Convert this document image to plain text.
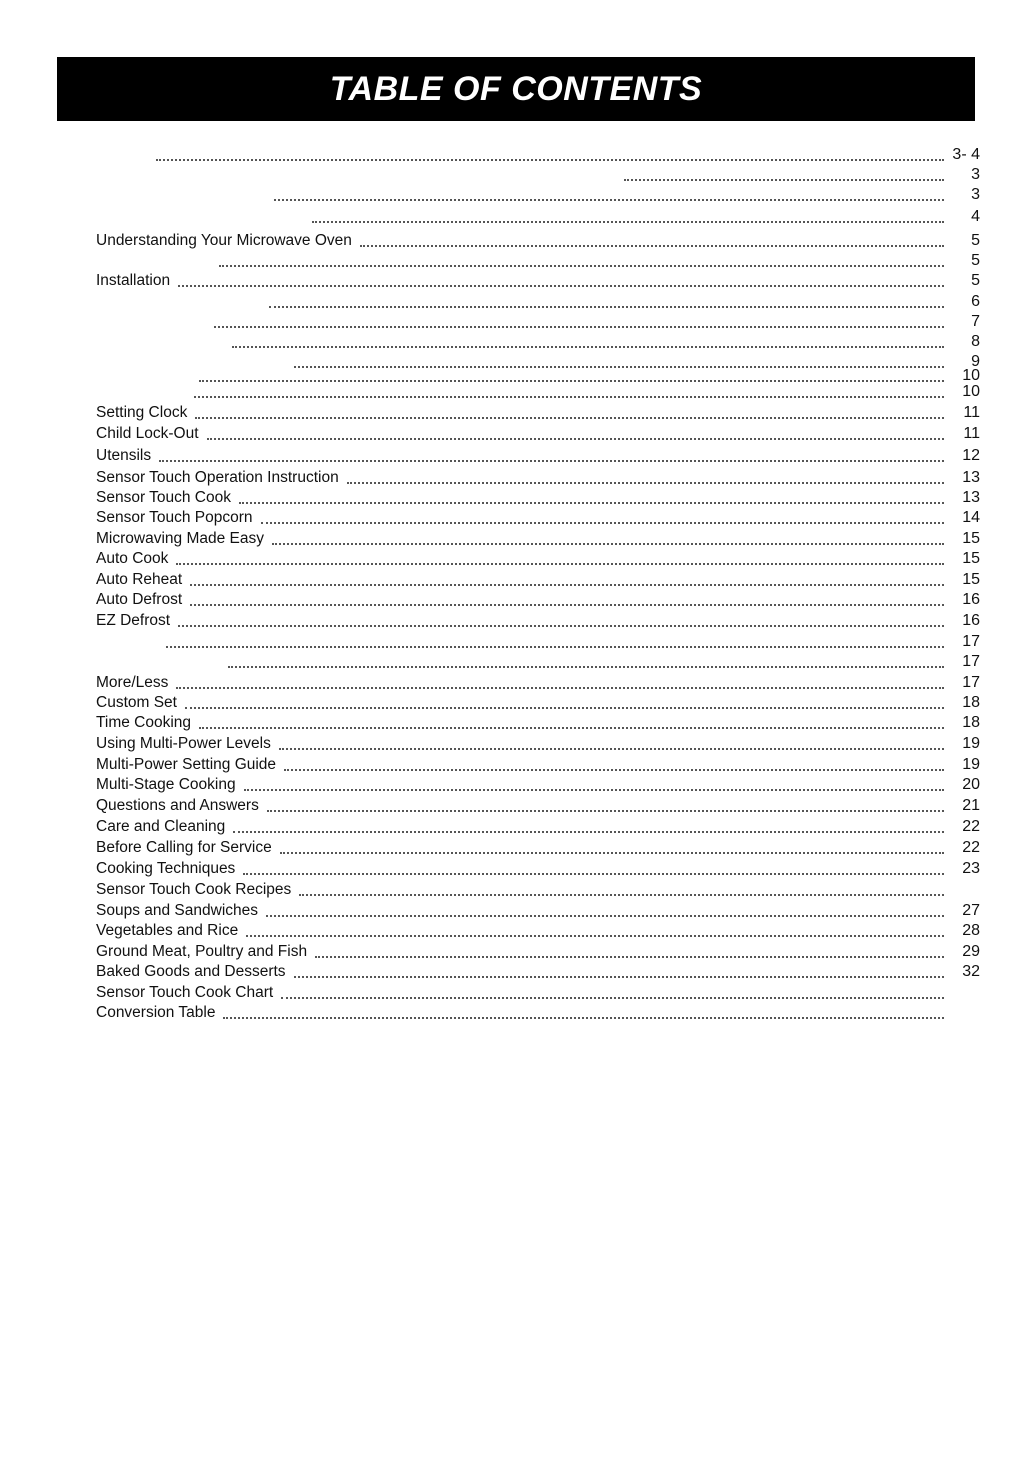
TABLE OF CONTENTS
3- 4
3
3
4
Understanding Your Microwave Oven	5
5
Installation	5
6
7
8
9
10
10
Setting Clock	11
Child Lock-Out	11
Utensils	12
Sensor Touch Operation Instruction	13
Sensor Touch Cook	13
Sensor Touch Popcorn	14
Microwaving Made Easy	15
Auto Cook	15
Auto Reheat	15
Auto Defrost	16
EZ Defrost	16
17
17
More/Less	17
Custom Set	18
Time Cooking	18
Using Multi-Power Levels	19
Multi-Power Setting Guide	19
Multi-Stage Cooking	20
Questions and Answers	21
Care and Cleaning	22
Before Calling for Service	22
Cooking Techniques	23
Sensor Touch Cook Recipes
Soups and Sandwiches	27
Vegetables and Rice	28
Ground Meat, Poultry and Fish	29
Baked Goods and Desserts	32
Sensor Touch Cook Chart
Conversion Table
